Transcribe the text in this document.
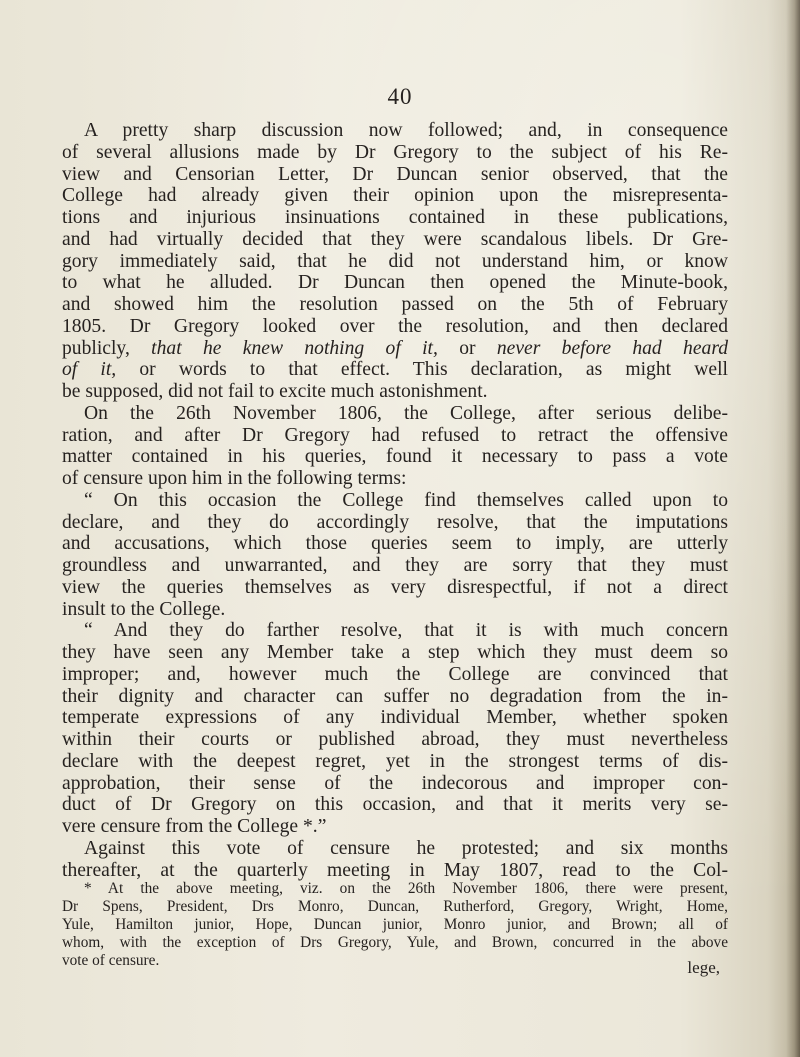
40
A pretty sharp discussion now followed; and, in consequence
of several allusions made by Dr Gregory to the subject of his Re-
view and Censorian Letter, Dr Duncan senior observed, that the
College had already given their opinion upon the misrepresenta-
tions and injurious insinuations contained in these publications,
and had virtually decided that they were scandalous libels. Dr Gre-
gory immediately said, that he did not understand him, or know
to what he alluded. Dr Duncan then opened the Minute-book,
and showed him the resolution passed on the 5th of February
1805. Dr Gregory looked over the resolution, and then declared
publicly, that he knew nothing of it, or never before had heard
of it, or words to that effect. This declaration, as might well
be supposed, did not fail to excite much astonishment.
On the 26th November 1806, the College, after serious delibe-
ration, and after Dr Gregory had refused to retract the offensive
matter contained in his queries, found it necessary to pass a vote
of censure upon him in the following terms:
“ On this occasion the College find themselves called upon to
declare, and they do accordingly resolve, that the imputations
and accusations, which those queries seem to imply, are utterly
groundless and unwarranted, and they are sorry that they must
view the queries themselves as very disrespectful, if not a direct
insult to the College.
“ And they do farther resolve, that it is with much concern
they have seen any Member take a step which they must deem so
improper; and, however much the College are convinced that
their dignity and character can suffer no degradation from the in-
temperate expressions of any individual Member, whether spoken
within their courts or published abroad, they must nevertheless
declare with the deepest regret, yet in the strongest terms of dis-
approbation, their sense of the indecorous and improper con-
duct of Dr Gregory on this occasion, and that it merits very se-
vere censure from the College *.”
Against this vote of censure he protested; and six months
thereafter, at the quarterly meeting in May 1807, read to the Col-
* At the above meeting, viz. on the 26th November 1806, there were present,
Dr Spens, President, Drs Monro, Duncan, Rutherford, Gregory, Wright, Home,
Yule, Hamilton junior, Hope, Duncan junior, Monro junior, and Brown; all of
whom, with the exception of Drs Gregory, Yule, and Brown, concurred in the above
vote of censure.	lege,
